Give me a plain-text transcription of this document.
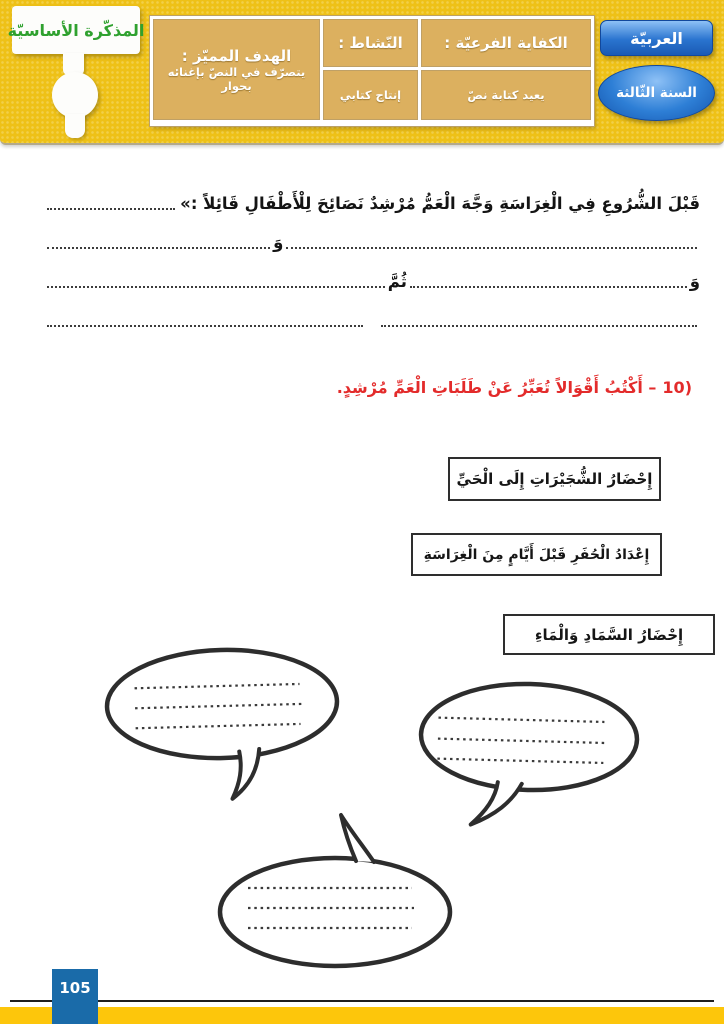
المذكّرة الأساسيّة
الكفاية الفرعيّة :
النّشاط :
الهدف المميّز :
يتصرّف في النصّ بإغنائه
بحوار
يعيد كتابة نصّ
إنتاج كتابي
العربيّة
السنة الثّالثة
قَبْلَ الشُّرُوعِ فِي الْغِرَاسَةِ وَجَّهَ الْعَمُّ مُرْشِدٌ نَصَائِحَ لِلْأَطْفَالِ قَائِلاً :
«
وَ
وَ
ثُمَّ
10)
– أَكْتُبُ أَقْوَالاً تُعَبِّرُ عَنْ طَلَبَاتِ الْعَمِّ مُرْشِدٍ.
إِحْضَارُ الشُّجَيْرَاتِ إِلَى الْحَيِّ
إِعْدَادُ الْحُفَرِ قَبْلَ أَيَّامٍ مِنَ الْغِرَاسَةِ
إِحْضَارُ السَّمَادِ وَالْمَاءِ
105
